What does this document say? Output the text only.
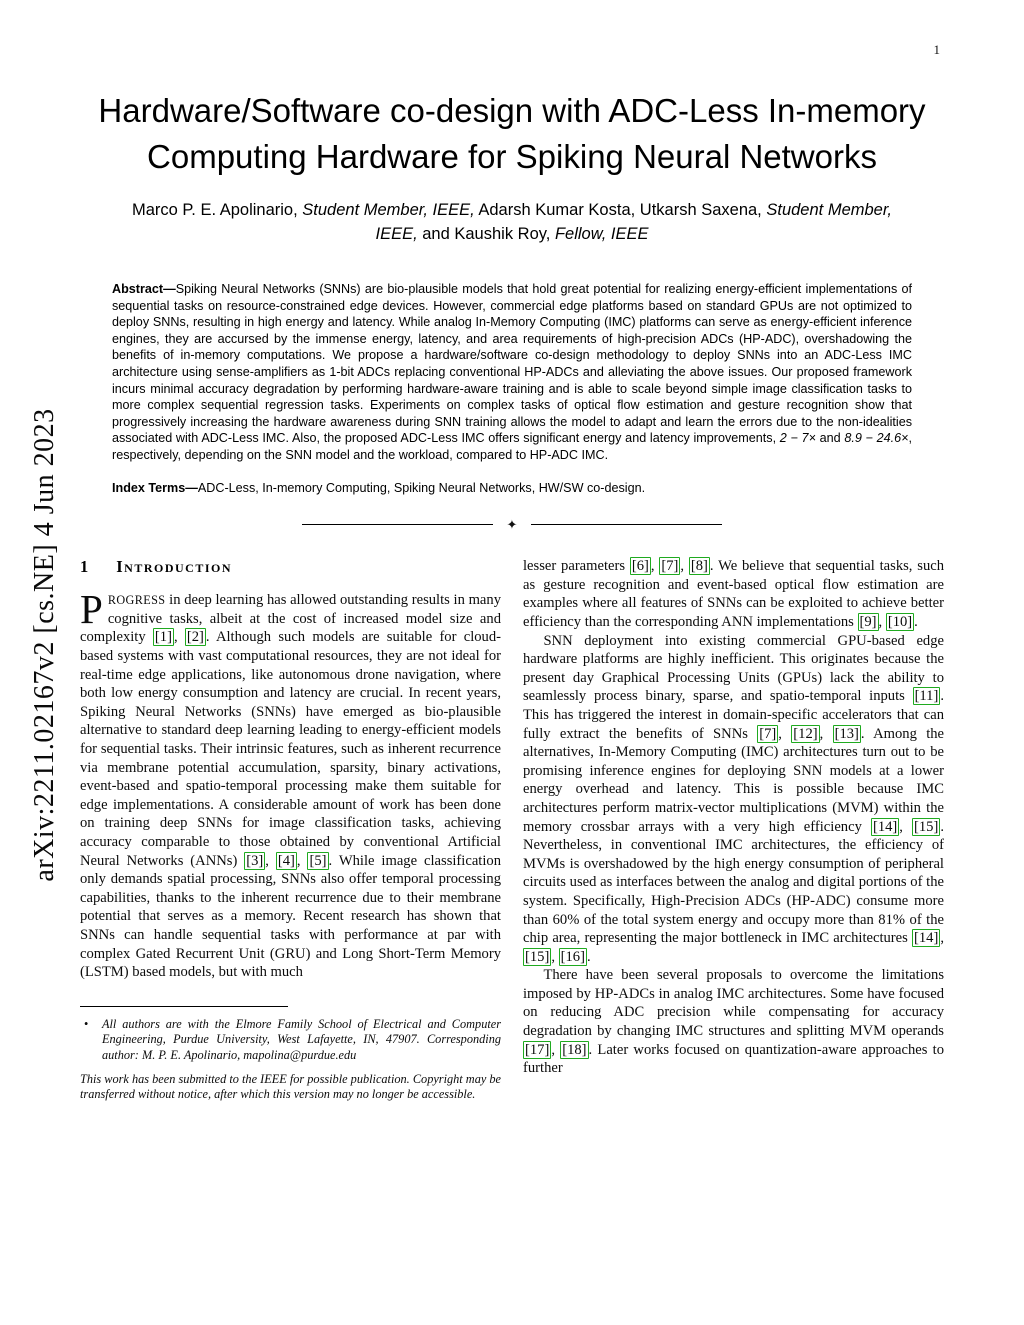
1
arXiv:2211.02167v2 [cs.NE] 4 Jun 2023
Hardware/Software co-design with ADC-Less In-memory Computing Hardware for Spiking Neural Networks
Marco P. E. Apolinario, Student Member, IEEE, Adarsh Kumar Kosta, Utkarsh Saxena, Student Member, IEEE, and Kaushik Roy, Fellow, IEEE

Abstract—Spiking Neural Networks (SNNs) are bio-plausible models that hold great potential for realizing energy-efficient implementations of sequential tasks on resource-constrained edge devices. However, commercial edge platforms based on standard GPUs are not optimized to deploy SNNs, resulting in high energy and latency. While analog In-Memory Computing (IMC) platforms can serve as energy-efficient inference engines, they are accursed by the immense energy, latency, and area requirements of high-precision ADCs (HP-ADC), overshadowing the benefits of in-memory computations. We propose a hardware/software co-design methodology to deploy SNNs into an ADC-Less IMC architecture using sense-amplifiers as 1-bit ADCs replacing conventional HP-ADCs and alleviating the above issues. Our proposed framework incurs minimal accuracy degradation by performing hardware-aware training and is able to scale beyond simple image classification tasks to more complex sequential regression tasks. Experiments on complex tasks of optical flow estimation and gesture recognition show that progressively increasing the hardware awareness during SNN training allows the model to adapt and learn the errors due to the non-idealities associated with ADC-Less IMC. Also, the proposed ADC-Less IMC offers significant energy and latency improvements, 2 − 7× and 8.9 − 24.6×, respectively, depending on the SNN model and the workload, compared to HP-ADC IMC.

Index Terms—ADC-Less, In-memory Computing, Spiking Neural Networks, HW/SW co-design.

✦
1 Introduction

PROGRESS in deep learning has allowed outstanding results in many cognitive tasks, albeit at the cost of increased model size and complexity [1] , [2] . Although such models are suitable for cloud-based systems with vast computational resources, they are not ideal for real-time edge applications, like autonomous drone navigation, where both low energy consumption and latency are crucial. In recent years, Spiking Neural Networks (SNNs) have emerged as bio-plausible alternative to standard deep learning leading to energy-efficient models for sequential tasks. Their intrinsic features, such as inherent recurrence via membrane potential accumulation, sparsity, binary activations, event-based and spatio-temporal processing make them suitable for edge implementations. A considerable amount of work has been done on training deep SNNs for image classification tasks, achieving accuracy comparable to those obtained by conventional Artificial Neural Networks (ANNs) [3] , [4] , [5] . While image classification only demands spatial processing, SNNs also offer temporal processing capabilities, thanks to the inherent recurrence due to their membrane potential that serves as a memory. Recent research has shown that SNNs can handle sequential tasks with performance at par with complex Gated Recurrent Unit (GRU) and Long Short-Term Memory (LSTM) based models, but with much

• All authors are with the Elmore Family School of Electrical and Computer Engineering, Purdue University, West Lafayette, IN, 47907. Corresponding author: M. P. E. Apolinario, mapolina@purdue.edu

This work has been submitted to the IEEE for possible publication. Copyright may be transferred without notice, after which this version may no longer be accessible.

lesser parameters [6] , [7] , [8] . We believe that sequential tasks, such as gesture recognition and event-based optical flow estimation are examples where all features of SNNs can be exploited to achieve better efficiency than the corresponding ANN implementations [9] , [10] .

SNN deployment into existing commercial GPU-based edge hardware platforms are highly inefficient. This originates because the present day Graphical Processing Units (GPUs) lack the ability to seamlessly process binary, sparse, and spatio-temporal inputs [11] . This has triggered the interest in domain-specific accelerators that can fully extract the benefits of SNNs [7] , [12] , [13] . Among the alternatives, In-Memory Computing (IMC) architectures turn out to be promising inference engines for deploying SNN models at a lower energy overhead and latency. This is possible because IMC architectures perform matrix-vector multiplications (MVM) within the memory crossbar arrays with a very high efficiency [14] , [15] . Nevertheless, in conventional IMC architectures, the efficiency of MVMs is overshadowed by the high energy consumption of peripheral circuits used as interfaces between the analog and digital portions of the system. Specifically, High-Precision ADCs (HP-ADC) consume more than 60% of the total system energy and occupy more than 81% of the chip area, representing the major bottleneck in IMC architectures [14] , [15] , [16] .

There have been several proposals to overcome the limitations imposed by HP-ADCs in analog IMC architectures. Some have focused on reducing ADC precision while compensating for accuracy degradation by changing IMC structures and splitting MVM operands [17] , [18] . Later works focused on quantization-aware approaches to further
